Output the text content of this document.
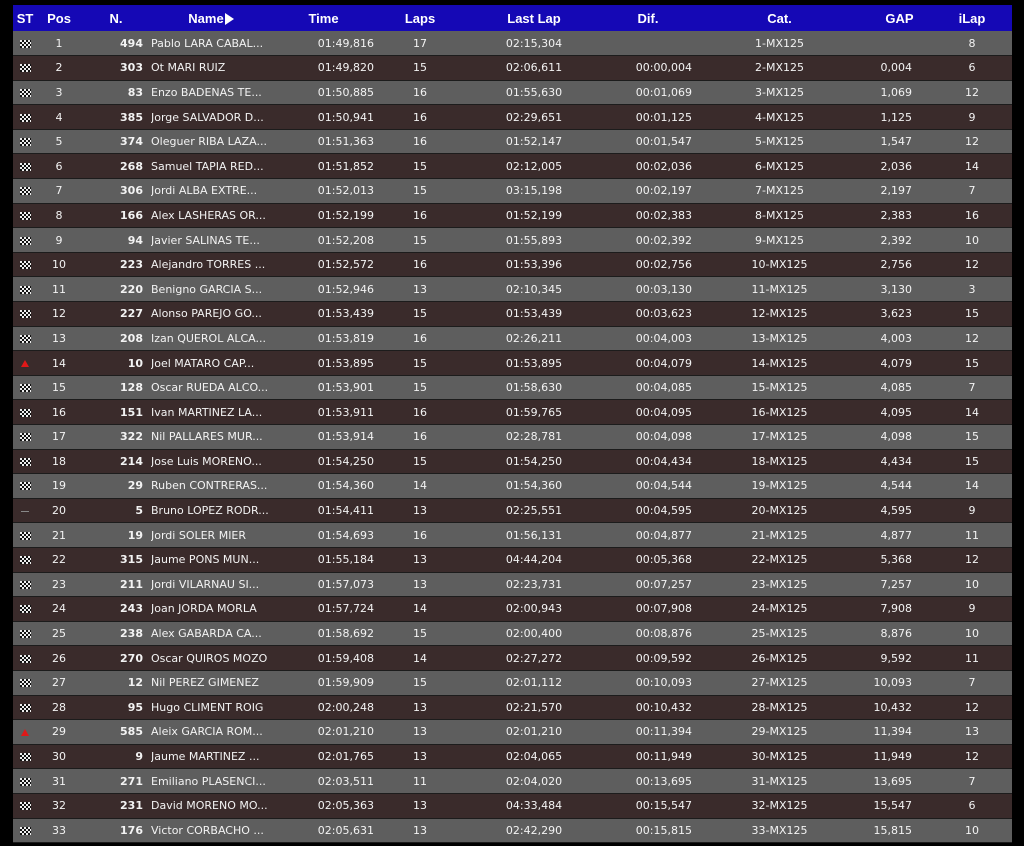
ST	Pos	N.	Name	Time	Laps	Last Lap	Dif.	Cat.	GAP	iLap
	1	494	Pablo LARA CABAL...	01:49,816	17	02:15,304		1-MX125		8
	2	303	Ot MARI RUIZ	01:49,820	15	02:06,611	00:00,004	2-MX125	0,004	6
	3	83	Enzo BADENAS TE...	01:50,885	16	01:55,630	00:01,069	3-MX125	1,069	12
	4	385	Jorge SALVADOR D...	01:50,941	16	02:29,651	00:01,125	4-MX125	1,125	9
	5	374	Oleguer RIBA LAZA...	01:51,363	16	01:52,147	00:01,547	5-MX125	1,547	12
	6	268	Samuel TAPIA RED...	01:51,852	15	02:12,005	00:02,036	6-MX125	2,036	14
	7	306	Jordi ALBA EXTRE...	01:52,013	15	03:15,198	00:02,197	7-MX125	2,197	7
	8	166	Alex LASHERAS OR...	01:52,199	16	01:52,199	00:02,383	8-MX125	2,383	16
	9	94	Javier SALINAS TE...	01:52,208	15	01:55,893	00:02,392	9-MX125	2,392	10
	10	223	Alejandro TORRES ...	01:52,572	16	01:53,396	00:02,756	10-MX125	2,756	12
	11	220	Benigno GARCIA S...	01:52,946	13	02:10,345	00:03,130	11-MX125	3,130	3
	12	227	Alonso PAREJO GO...	01:53,439	15	01:53,439	00:03,623	12-MX125	3,623	15
	13	208	Izan QUEROL ALCA...	01:53,819	16	02:26,211	00:04,003	13-MX125	4,003	12
	14	10	Joel MATARO CAP...	01:53,895	15	01:53,895	00:04,079	14-MX125	4,079	15
	15	128	Oscar RUEDA ALCO...	01:53,901	15	01:58,630	00:04,085	15-MX125	4,085	7
	16	151	Ivan MARTINEZ LA...	01:53,911	16	01:59,765	00:04,095	16-MX125	4,095	14
	17	322	Nil PALLARES MUR...	01:53,914	16	02:28,781	00:04,098	17-MX125	4,098	15
	18	214	Jose Luis MORENO...	01:54,250	15	01:54,250	00:04,434	18-MX125	4,434	15
	19	29	Ruben CONTRERAS...	01:54,360	14	01:54,360	00:04,544	19-MX125	4,544	14
	20	5	Bruno LOPEZ RODR...	01:54,411	13	02:25,551	00:04,595	20-MX125	4,595	9
	21	19	Jordi SOLER MIER	01:54,693	16	01:56,131	00:04,877	21-MX125	4,877	11
	22	315	Jaume PONS MUN...	01:55,184	13	04:44,204	00:05,368	22-MX125	5,368	12
	23	211	Jordi VILARNAU SI...	01:57,073	13	02:23,731	00:07,257	23-MX125	7,257	10
	24	243	Joan JORDA MORLA	01:57,724	14	02:00,943	00:07,908	24-MX125	7,908	9
	25	238	Alex GABARDA CA...	01:58,692	15	02:00,400	00:08,876	25-MX125	8,876	10
	26	270	Oscar QUIROS MOZO	01:59,408	14	02:27,272	00:09,592	26-MX125	9,592	11
	27	12	Nil PEREZ GIMENEZ	01:59,909	15	02:01,112	00:10,093	27-MX125	10,093	7
	28	95	Hugo CLIMENT ROIG	02:00,248	13	02:21,570	00:10,432	28-MX125	10,432	12
	29	585	Aleix GARCIA ROM...	02:01,210	13	02:01,210	00:11,394	29-MX125	11,394	13
	30	9	Jaume MARTINEZ ...	02:01,765	13	02:04,065	00:11,949	30-MX125	11,949	12
	31	271	Emiliano PLASENCI...	02:03,511	11	02:04,020	00:13,695	31-MX125	13,695	7
	32	231	David MORENO MO...	02:05,363	13	04:33,484	00:15,547	32-MX125	15,547	6
	33	176	Victor CORBACHO ...	02:05,631	13	02:42,290	00:15,815	33-MX125	15,815	10
